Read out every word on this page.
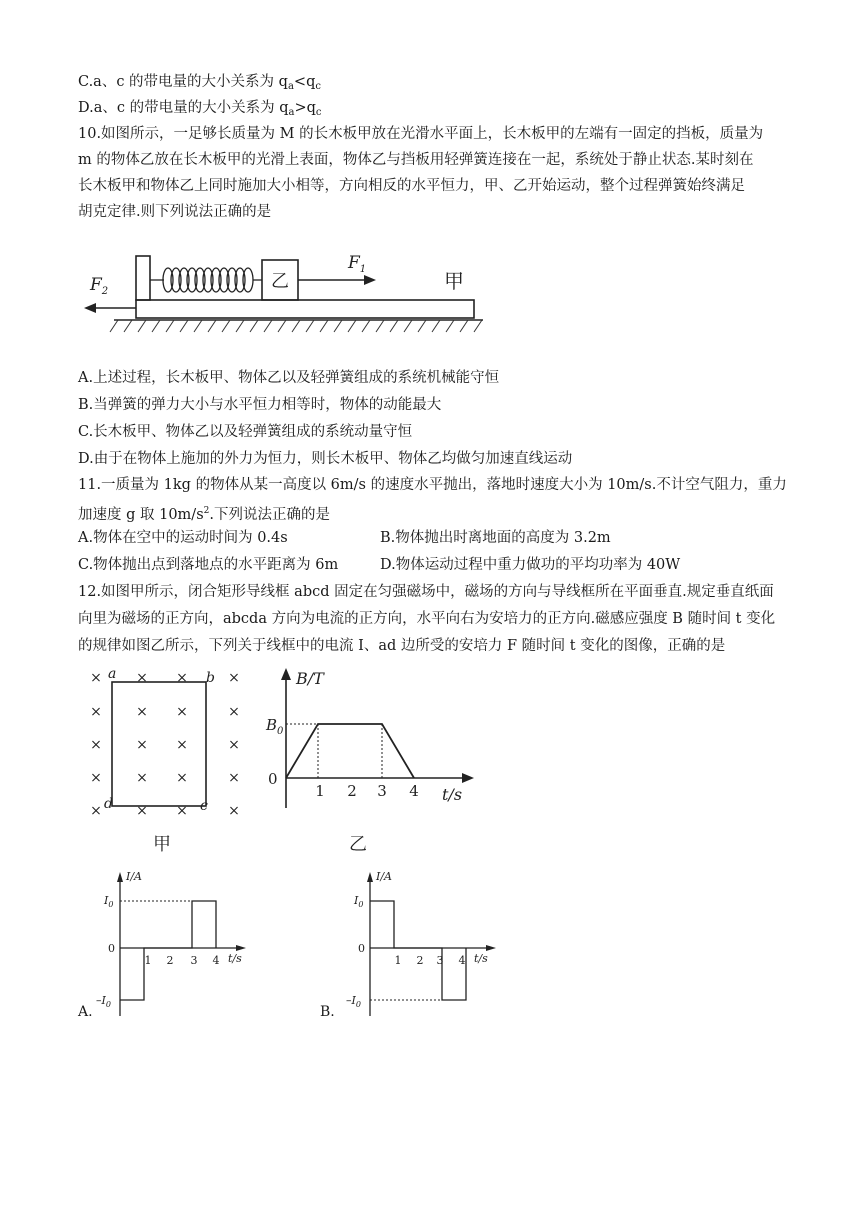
C.a、c 的带电量的大小关系为 $q_a<q_c$
D.a、c 的带电量的大小关系为 $q_a>q_c$
10.如图所示，一足够长质量为 M 的长木板甲放在光滑水平面上，长木板甲的左端有一固定的挡板，质量为
m 的物体乙放在长木板甲的光滑上表面，物体乙与挡板用轻弹簧连接在一起，系统处于静止状态.某时刻在
长木板甲和物体乙上同时施加大小相等，方向相反的水平恒力，甲、乙开始运动，整个过程弹簧始终满足
胡克定律.则下列说法正确的是
乙
$F_1$
$F_2$	甲
A.上述过程，长木板甲、物体乙以及轻弹簧组成的系统机械能守恒
B.当弹簧的弹力大小与水平恒力相等时，物体的动能最大
C.长木板甲、物体乙以及轻弹簧组成的系统动量守恒
D.由于在物体上施加的外力为恒力，则长木板甲、物体乙均做匀加速直线运动
11.一质量为 1kg 的物体从某一高度以 6m/s 的速度水平抛出，落地时速度大小为 10m/s.不计空气阻力，重力
加速度 g 取 $10m/s^2$.下列说法正确的是
A.物体在空中的运动时间为 0.4s	B.物体抛出时离地面的高度为 3.2m
C.物体抛出点到落地点的水平距离为 6m	D.物体运动过程中重力做功的平均功率为 40W
12.如图甲所示，闭合矩形导线框 abcd 固定在匀强磁场中，磁场的方向与导线框所在平面垂直.规定垂直纸面
向里为磁场的正方向，abcda 方向为电流的正方向，水平向右为安培力的正方向.磁感应强度 B 随时间 t 变化
的规律如图乙所示，下列关于线框中的电流 I、ad 边所受的安培力 F 随时间 t 变化的图像，正确的是
× × ×	×
× × ×	×
× × ×	×
× × ×	×
× × ×	×
a	b
c
d
甲
B/T
$B_0$
0
1 2 3 4 t/s
乙
I/A
$I_0$
$-I_0$
0
1 2 3 4 t/s
A.
I/A
$I_0$
$-I_0$
0
1 2 3 4 t/s
B.
